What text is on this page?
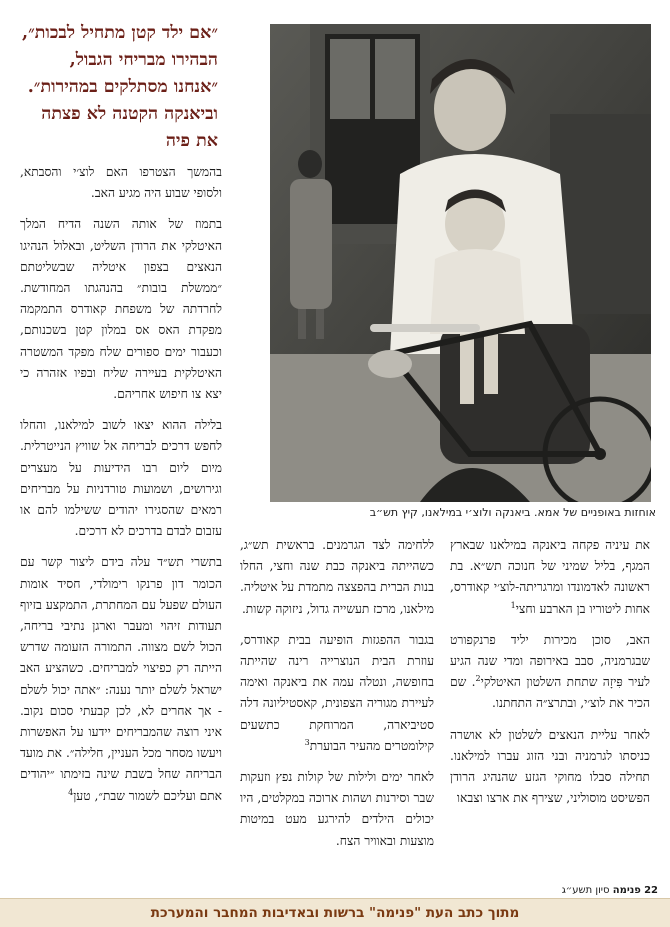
״אם ילד קטן מתחיל לבכות״, הבהירו מבריחי הגבול, ״אנחנו מסתלקים במהירות״. וביאנקה הקטנה לא פצתה את פיה
אוחזות באופניים של אמא. ביאנקה ולוצ׳י במילאנו, קיץ תש״ב

בהמשך הצטרפו האם לוצ׳י והסבתא, ולסופי שבוע היה מגיע האב.

בתמוז של אותה השנה הדיח המלך האיטלקי את הרודן השליט, ובאלול הנהיגו הנאצים בצפון איטליה שבשליטתם ״ממשלת בובות״ בהנהגתו המחודשת. לחרדתה של משפחת קאודרס התמקמה מפקדת האס אס במלון קטן בשכנותם, וכעבור ימים ספורים שלח מפקד המשטרה האיטלקית בעיירה שליח ובפיו אזהרה כי יצא צו חיפוש אחריהם.

בלילה ההוא יצאו לשוב למילאנו, והחלו לחפש דרכים לבריחה אל שוויץ הנייטרלית. מיום ליום רבו הידיעות על מעצרים וגירושים, ושמועות טורדניות על מבריחים רמאים שהסגירו יהודים ששילמו להם או עזבום לבדם בדרכים לא דרכים.

בתשרי תש״ד עלה בידם ליצור קשר עם הכומר דון פרנקו רימולדי, חסיד אומות העולם שפעל עם המחתרת, התמקצע בזיוף תעודות זיהוי ומעבר וארגן נתיבי בריחה, הכול לשם מצווה. התמורה הזעומה שדרש הייתה רק כפיצוי למבריחים. כשהציע האב ישראל לשלם יותר נענה: ״אתה יכול לשלם - אך אחרים לא, לכן קבעתי סכום נקוב. איני רוצה שהמבריחים יידעו על האפשרות ויעשו מסחר מכל העניין, חלילה״. את מועד הבריחה שחל בשבת שינה בזימתו ״יהודים אתם ועליכם לשמור שבת״, טען$^4$

ללחימה לצד הגרמנים. בראשית תש״ג, כשהייתה ביאנקה כבת שנה וחצי, החלו בנות הברית בהפצצה מתמדת על איטליה. מילאנו, מרכז תעשייה גדול, ניזוקה קשות.

בגבור ההפגזות הופיעה בבית קאודרס, עוזרת הבית הנוצרייה רינה שהייתה בחופשה, ונטלה עמה את ביאנקה ואימה לעיירת מגוריה הצפונית, קאסטיליונה דלה סטיביארה, המרוחקת כתשעים קילומטרים מהעיר הבוערת$^3$

לאחר ימים ולילות של קולות נפץ וזעקות שבר וסירנות ושהות ארוכה במקלטים, היו יכולים הילדים להירגע מעט במיטות מוצעות ובאוויר הצח.

את עיניה פקחה ביאנקה במילאנו שבארץ המגף, בליל שמיני של חנוכה תש״א. בת ראשונה לאדמונדו ומרגריתה-לוצ׳י קאודרס, אחות ליטוריו בן הארבע וחצי$^1$

האב, סוכן מכירות יליד פרנקפורט שבגרמניה, סבב באירופה ומדי שנה הגיע לעיר פִּיזָה שתחת השלטון האיטלקי$^2$. שם הכיר את לוצ׳י, ובתרצ״ה התחתנו.

לאחר עליית הנאצים לשלטון לא אושרה כניסתו לגרמניה ובני הזוג עברו למילאנו. תחילה סבלו מחוקי הגזע שהנהיג הרודן הפשיסט מוסוליני, שצירף את ארצו וצבאו

22 פנימה סיון תשע״ג
מתוך כתב העת "פנימה" ברשות ובאדיבות המחבר והמערכת
